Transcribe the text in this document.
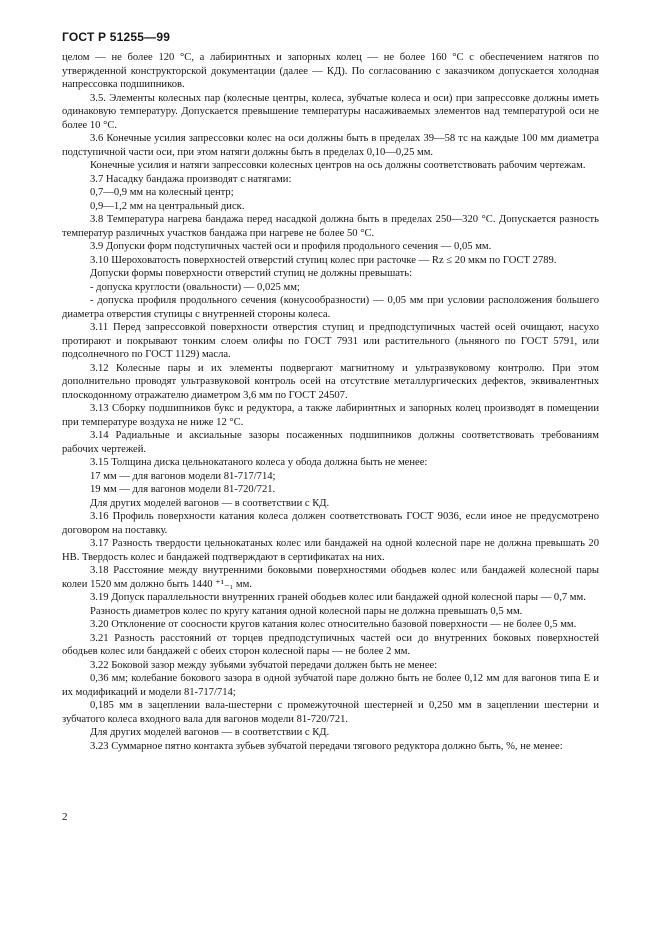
ГОСТ Р 51255—99

целом — не более 120 °С, а лабиринтных и запорных колец — не более 160 °С с обеспечением натягов по утвержденной конструкторской документации (далее — КД). По согласованию с заказчиком допускается холодная напрессовка подшипников.

3.5. Элементы колесных пар (колесные центры, колеса, зубчатые колеса и оси) при запрессовке должны иметь одинаковую температуру. Допускается превышение температуры насаживаемых элементов над температурой оси не более 10 °С.

3.6 Конечные усилия запрессовки колес на оси должны быть в пределах 39—58 тс на каждые 100 мм диаметра подступичной части оси, при этом натяги должны быть в пределах 0,10—0,25 мм.

Конечные усилия и натяги запрессовки колесных центров на ось должны соответствовать рабочим чертежам.

3.7 Насадку бандажа производят с натягами:

0,7—0,9 мм на колесный центр;

0,9—1,2 мм на центральный диск.

3.8 Температура нагрева бандажа перед насадкой должна быть в пределах 250—320 °С. Допускается разность температур различных участков бандажа при нагреве не более 50 °С.

3.9 Допуски форм подступичных частей оси и профиля продольного сечения — 0,05 мм.

3.10 Шероховатость поверхностей отверстий ступиц колес при расточке — Rz ≤ 20 мкм по ГОСТ 2789.

Допуски формы поверхности отверстий ступиц не должны превышать:

- допуска круглости (овальности) — 0,025 мм;

- допуска профиля продольного сечения (конусообразности) — 0,05 мм при условии расположения большего диаметра отверстия ступицы с внутренней стороны колеса.

3.11 Перед запрессовкой поверхности отверстия ступиц и предподступичных частей осей очищают, насухо протирают и покрывают тонким слоем олифы по ГОСТ 7931 или растительного (льняного по ГОСТ 5791, или подсолнечного по ГОСТ 1129) масла.

3.12 Колесные пары и их элементы подвергают магнитному и ультразвуковому контролю. При этом дополнительно проводят ультразвуковой контроль осей на отсутствие металлургических дефектов, эквивалентных плоскодонному отражателю диаметром 3,6 мм по ГОСТ 24507.

3.13 Сборку подшипников букс и редуктора, а также лабиринтных и запорных колец производят в помещении при температуре воздуха не ниже 12 °С.

3.14 Радиальные и аксиальные зазоры посаженных подшипников должны соответствовать требованиям рабочих чертежей.

3.15 Толщина диска цельнокатаного колеса у обода должна быть не менее:

17 мм — для вагонов модели 81-717/714;

19 мм — для вагонов модели 81-720/721.

Для других моделей вагонов — в соответствии с КД.

3.16 Профиль поверхности катания колеса должен соответствовать ГОСТ 9036, если иное не предусмотрено договором на поставку.

3.17 Разность твердости цельнокатаных колес или бандажей на одной колесной паре не должна превышать 20 НВ. Твердость колес и бандажей подтверждают в сертификатах на них.

3.18 Расстояние между внутренними боковыми поверхностями ободьев колес или бандажей колесной пары колеи 1520 мм должно быть 1440 ⁺¹₋₁ мм.

3.19 Допуск параллельности внутренних граней ободьев колес или бандажей одной колесной пары — 0,7 мм.

Разность диаметров колес по кругу катания одной колесной пары не должна превышать 0,5 мм.

3.20 Отклонение от соосности кругов катания колес относительно базовой поверхности — не более 0,5 мм.

3.21 Разность расстояний от торцев предподступичных частей оси до внутренних боковых поверхностей ободьев колес или бандажей с обеих сторон колесной пары — не более 2 мм.

3.22 Боковой зазор между зубьями зубчатой передачи должен быть не менее:

0,36 мм; колебание бокового зазора в одной зубчатой паре должно быть не более 0,12 мм для вагонов типа Е и их модификаций и модели 81-717/714;

0,185 мм в зацеплении вала-шестерни с промежуточной шестерней и 0,250 мм в зацеплении шестерни и зубчатого колеса входного вала для вагонов модели 81-720/721.

Для других моделей вагонов — в соответствии с КД.

3.23 Суммарное пятно контакта зубьев зубчатой передачи тягового редуктора должно быть, %, не менее:

2
